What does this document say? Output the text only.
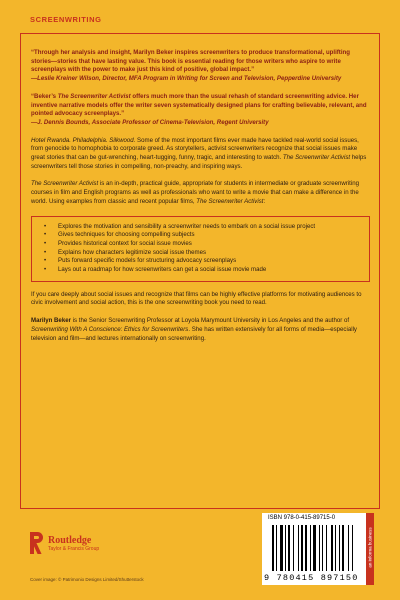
SCREENWRITING
“Through her analysis and insight, Marilyn Beker inspires screenwriters to produce transformational, uplifting stories—stories that have lasting value. This book is essential reading for those writers who aspire to write screenplays with the power to make just this kind of positive, global impact.”
—Leslie Kreiner Wilson, Director, MFA Program in Writing for Screen and Television, Pepperdine University
“Beker’s The Screenwriter Activist offers much more than the usual rehash of standard screenwriting advice. Her inventive narrative models offer the writer seven systematically designed plans for crafting believable, relevant, and pointed advocacy screenplays.”
—J. Dennis Bounds, Associate Professor of Cinema-Television, Regent University

Hotel Rwanda. Philadelphia. Silkwood. Some of the most important films ever made have tackled real-world social issues, from genocide to homophobia to corporate greed. As storytellers, activist screenwriters recognize that social issues make great stories that can be gut-wrenching, heart-tugging, funny, tragic, and interesting to watch. The Screenwriter Activist helps screenwriters tell those stories in compelling, non-preachy, and inspiring ways.

The Screenwriter Activist is an in-depth, practical guide, appropriate for students in intermediate or graduate screenwriting courses in film and English programs as well as professionals who want to write a movie that can make a difference in the world. Using examples from classic and recent popular films, The Screenwriter Activist:

• Explores the motivation and sensibility a screenwriter needs to embark on a social issue project
• Gives techniques for choosing compelling subjects
• Provides historical context for social issue movies
• Explains how characters legitimize social issue themes
• Puts forward specific models for structuring advocacy screenplays
• Lays out a roadmap for how screenwriters can get a social issue movie made

If you care deeply about social issues and recognize that films can be highly effective platforms for motivating audiences to civic involvement and social action, this is the one screenwriting book you need to read.

Marilyn Beker is the Senior Screenwriting Professor at Loyola Marymount University in Los Angeles and the author of Screenwriting With A Conscience: Ethics for Screenwriters. She has written extensively for all forms of media—especially television and film—and lectures internationally on screenwriting.

Routledge
Taylor & Francis Group
ISBN 978-0-415-89715-0
9 780415 897150
an informa business
Cover image: © Patrimonio Designs Limited/Shutterstock
